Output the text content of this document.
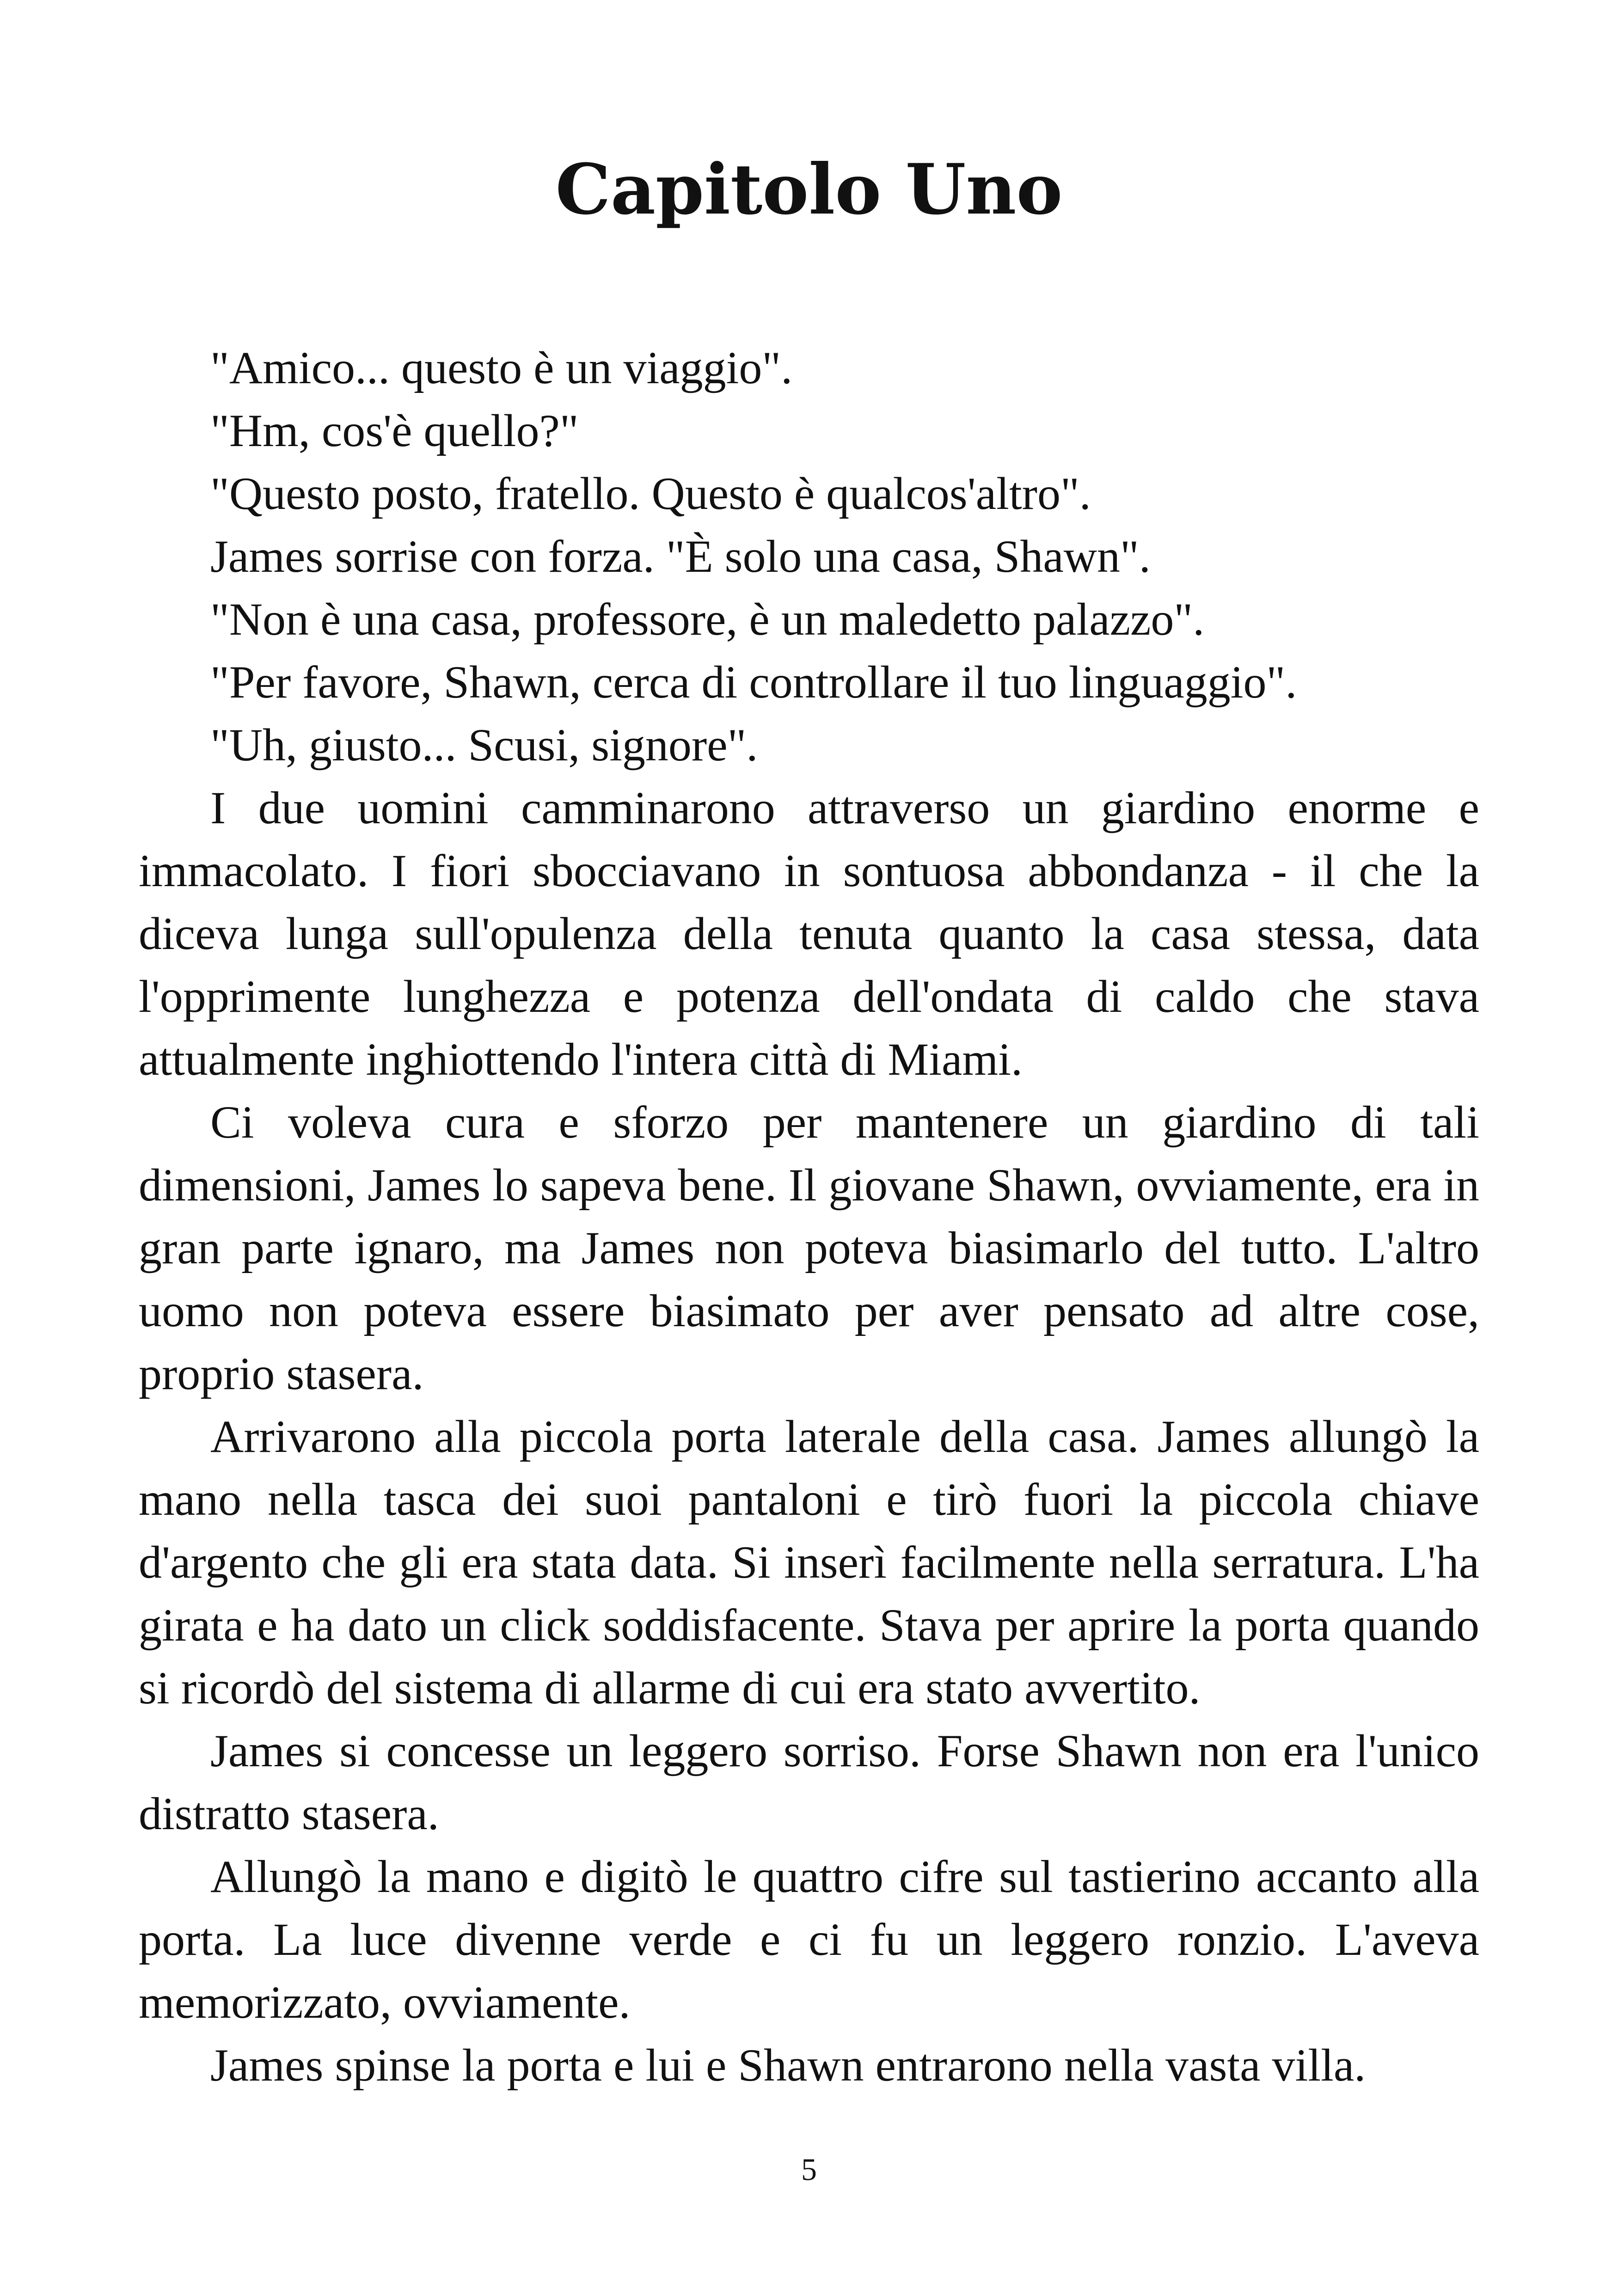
Capitolo Uno

"Amico... questo è un viaggio".

"Hm, cos'è quello?"

"Questo posto, fratello. Questo è qualcos'altro".

James sorrise con forza. "È solo una casa, Shawn".

"Non è una casa, professore, è un maledetto palazzo".

"Per favore, Shawn, cerca di controllare il tuo linguaggio".

"Uh, giusto... Scusi, signore".

I due uomini camminarono attraverso un giardino enorme e immacolato. I fiori sbocciavano in sontuosa abbondanza - il che la diceva lunga sull'opulenza della tenuta quanto la casa stessa, data l'opprimente lunghezza e potenza dell'ondata di caldo che stava attualmente inghiottendo l'intera città di Miami.

Ci voleva cura e sforzo per mantenere un giardino di tali dimensioni, James lo sapeva bene. Il giovane Shawn, ovviamente, era in gran parte ignaro, ma James non poteva biasimarlo del tutto. L'altro uomo non poteva essere biasimato per aver pensato ad altre cose, proprio stasera.

Arrivarono alla piccola porta laterale della casa. James allungò la mano nella tasca dei suoi pantaloni e tirò fuori la piccola chiave d'argento che gli era stata data. Si inserì facilmente nella serratura. L'ha girata e ha dato un click soddisfacente. Stava per aprire la porta quando si ricordò del sistema di allarme di cui era stato avvertito.

James si concesse un leggero sorriso. Forse Shawn non era l'unico distratto stasera.

Allungò la mano e digitò le quattro cifre sul tastierino accanto alla porta. La luce divenne verde e ci fu un leggero ronzio. L'aveva memorizzato, ovviamente.

James spinse la porta e lui e Shawn entrarono nella vasta villa.

5
